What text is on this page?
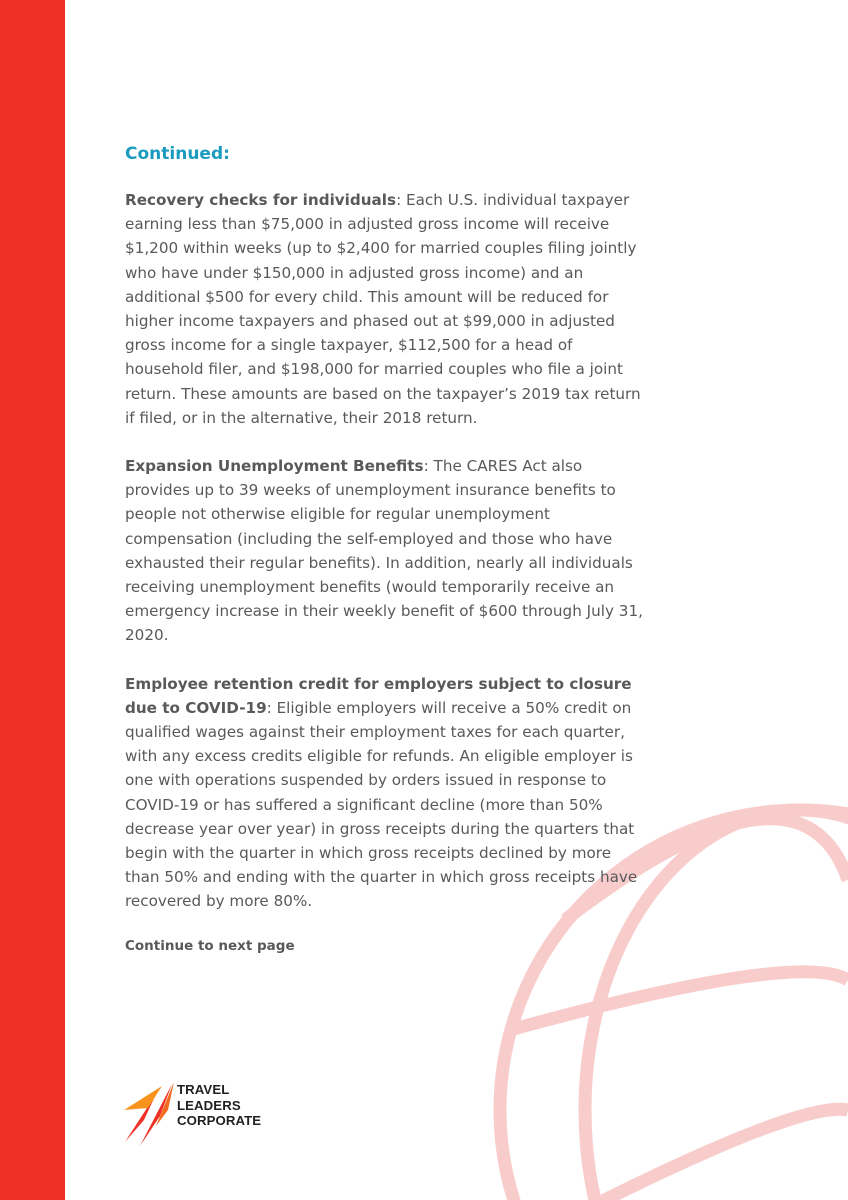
Continued:

Recovery checks for individuals: Each U.S. individual taxpayer earning less than $75,000 in adjusted gross income will receive $1,200 within weeks (up to $2,400 for married couples filing jointly who have under $150,000 in adjusted gross income) and an additional $500 for every child. This amount will be reduced for higher income taxpayers and phased out at $99,000 in adjusted gross income for a single taxpayer, $112,500 for a head of household filer, and $198,000 for married couples who file a joint return. These amounts are based on the taxpayer’s 2019 tax return if filed, or in the alternative, their 2018 return.

Expansion Unemployment Benefits: The CARES Act also provides up to 39 weeks of unemployment insurance benefits to people not otherwise eligible for regular unemployment compensation (including the self-employed and those who have exhausted their regular benefits). In addition, nearly all individuals receiving unemployment benefits (would temporarily receive an emergency increase in their weekly benefit of $600 through July 31, 2020.

Employee retention credit for employers subject to closure due to COVID-19: Eligible employers will receive a 50% credit on qualified wages against their employment taxes for each quarter, with any excess credits eligible for refunds. An eligible employer is one with operations suspended by orders issued in response to COVID-19 or has suffered a significant decline (more than 50% decrease year over year) in gross receipts during the quarters that begin with the quarter in which gross receipts declined by more than 50% and ending with the quarter in which gross receipts have recovered by more 80%.

Continue to next page
TRAVEL
LEADERS
CORPORATE
